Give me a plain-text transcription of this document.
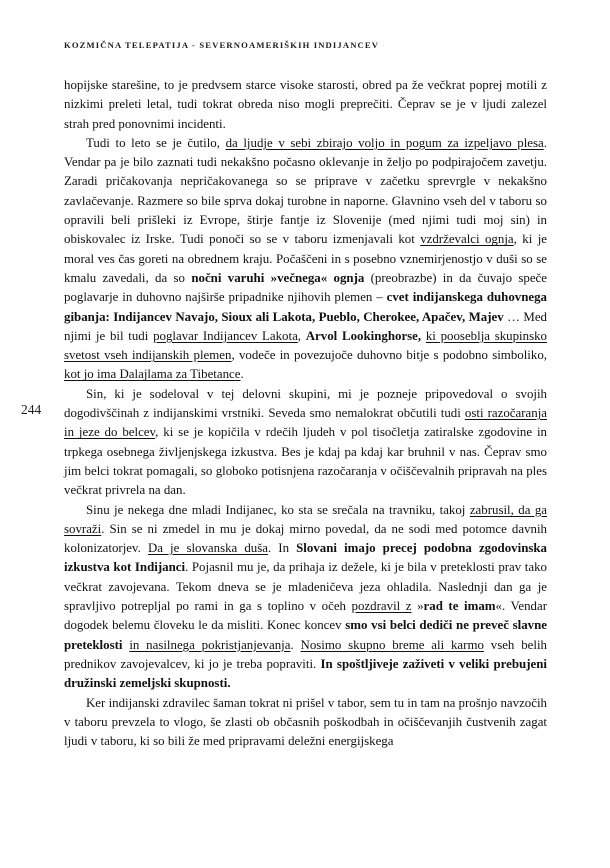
KOZMIČNA TELEPATIJA - SEVERNOAMERIŠKIH INDIJANCEV
244

hopijske starešine, to je predvsem starce visoke starosti, obred pa že večkrat poprej motili z nizkimi preleti letal, tudi tokrat obreda niso mogli preprečiti. Čeprav se je v ljudi zalezel strah pred ponovnimi incidenti.

Tudi to leto se je čutilo, da ljudje v sebi zbirajo voljo in pogum za izpeljavo plesa. Vendar pa je bilo zaznati tudi nekakšno počasno oklevanje in željo po podpirajočem zavetju. Zaradi pričakovanja nepričakovanega so se priprave v začetku sprevrgle v nekakšno zavlačevanje. Razmere so bile sprva dokaj turobne in naporne. Glavnino vseh del v taboru so opravili beli prišleki iz Evrope, štirje fantje iz Slovenije (med njimi tudi moj sin) in obiskovalec iz Irske. Tudi ponoči so se v taboru izmenjavali kot vzdrževalci ognja, ki je moral ves čas goreti na obrednem kraju. Počaščeni in s posebno vznemirjenostjo v duši so se kmalu zavedali, da so nočni varuhi »večnega« ognja (preobrazbe) in da čuvajo speče poglavarje in duhovno najširše pripadnike njihovih plemen – cvet indijanskega duhovnega gibanja: Indijancev Navajo, Sioux ali Lakota, Pueblo, Cherokee, Apačev, Majev … Med njimi je bil tudi poglavar Indijancev Lakota, Arvol Lookinghorse, ki pooseblja skupinsko svetost vseh indijanskih plemen, vodeče in povezujoče duhovno bitje s podobno simboliko, kot jo ima Dalajlama za Tibetance.

Sin, ki je sodeloval v tej delovni skupini, mi je pozneje pripovedoval o svojih dogodivščinah z indijanskimi vrstniki. Seveda smo nemalokrat občutili tudi osti razočaranja in jeze do belcev, ki se je kopičila v rdečih ljudeh v pol tisočletja zatiralske zgodovine in trpkega osebnega življenjskega izkustva. Bes je kdaj pa kdaj kar bruhnil v nas. Čeprav smo jim belci tokrat pomagali, so globoko potisnjena razočaranja v očiščevalnih pripravah na ples večkrat privrela na dan.

Sinu je nekega dne mladi Indijanec, ko sta se srečala na travniku, takoj zabrusil, da ga sovraži. Sin se ni zmedel in mu je dokaj mirno povedal, da ne sodi med potomce davnih kolonizatorjev. Da je slovanska duša. In Slovani imajo precej podobna zgodovinska izkustva kot Indijanci. Pojasnil mu je, da prihaja iz dežele, ki je bila v preteklosti prav tako večkrat zavojevana. Tekom dneva se je mladeničeva jeza ohladila. Naslednji dan ga je spravljivo potrepljal po rami in ga s toplino v očeh pozdravil z »rad te imam«. Vendar dogodek belemu človeku le da misliti. Konec koncev smo vsi belci dediči ne preveč slavne preteklosti in nasilnega pokristjanjevanja. Nosimo skupno breme ali karmo vseh belih prednikov zavojevalcev, ki jo je treba popraviti. In spoštljiveje zaživeti v veliki prebujeni družinski zemeljski skupnosti.

Ker indijanski zdravilec šaman tokrat ni prišel v tabor, sem tu in tam na prošnjo navzočih v taboru prevzela to vlogo, še zlasti ob občasnih poškodbah in očiščevanjih čustvenih zagat ljudi v taboru, ki so bili že med pripravami deležni energijskega
